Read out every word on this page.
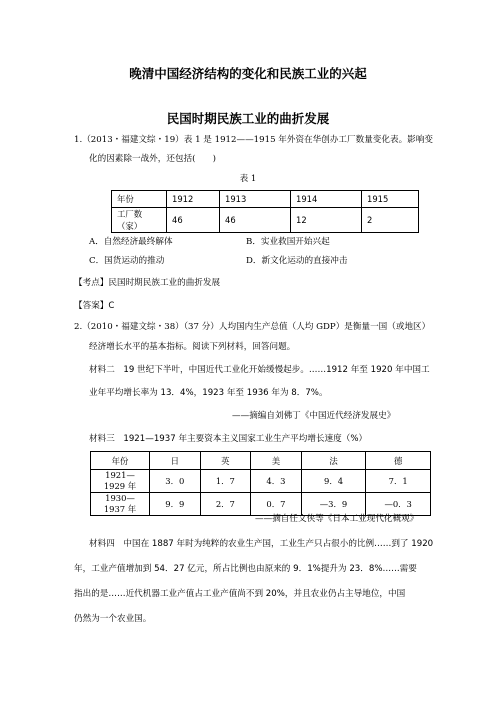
晚清中国经济结构的变化和民族工业的兴起
民国时期民族工业的曲折发展
1.（2013・福建文综・19）表 1 是 1912——1915 年外资在华创办工厂数量变化表。影响变
化的因素除一战外，还包括(　　)
表 1
年份	1912	1913	1914	1915
工厂数（家）	46	46	12	2
A．自然经济最终解体	B．实业救国开始兴起
C．国货运动的推动	D．新文化运动的直接冲击
【考点】民国时期民族工业的曲折发展
【答案】C
2.（2010・福建文综・38）（37 分）人均国内生产总值（人均 GDP）是衡量一国（或地区）
经济增长水平的基本指标。阅读下列材料，回答问题。
材料二　19 世纪下半叶，中国近代工业化开始缓慢起步。……1912 年至 1920 年中国工
业年平均增长率为 13．4%，1923 年至 1936 年为 8．7%。
——摘编自刘佛丁《中国近代经济发展史》
材料三　1921—1937 年主要资本主义国家工业生产平均增长速度（%）
年份	日	英	美	法	德
1921—1929 年	3．0	1．7	4．3	9．4	7．1
1930—1937 年	9．9	2．7	0．7	—3．9	—0．3
——摘自任文侠等《日本工业现代化概观》
材料四　中国在 1887 年时为纯粹的农业生产国，工业生产只占很小的比例……到了 1920
年，工业产值增加到 54．27 亿元，所占比例也由原来的 9．1%提升为 23．8%……需要
指出的是……近代机器工业产值占工业产值尚不到 20%，并且农业仍占主导地位，中国
仍然为一个农业国。
